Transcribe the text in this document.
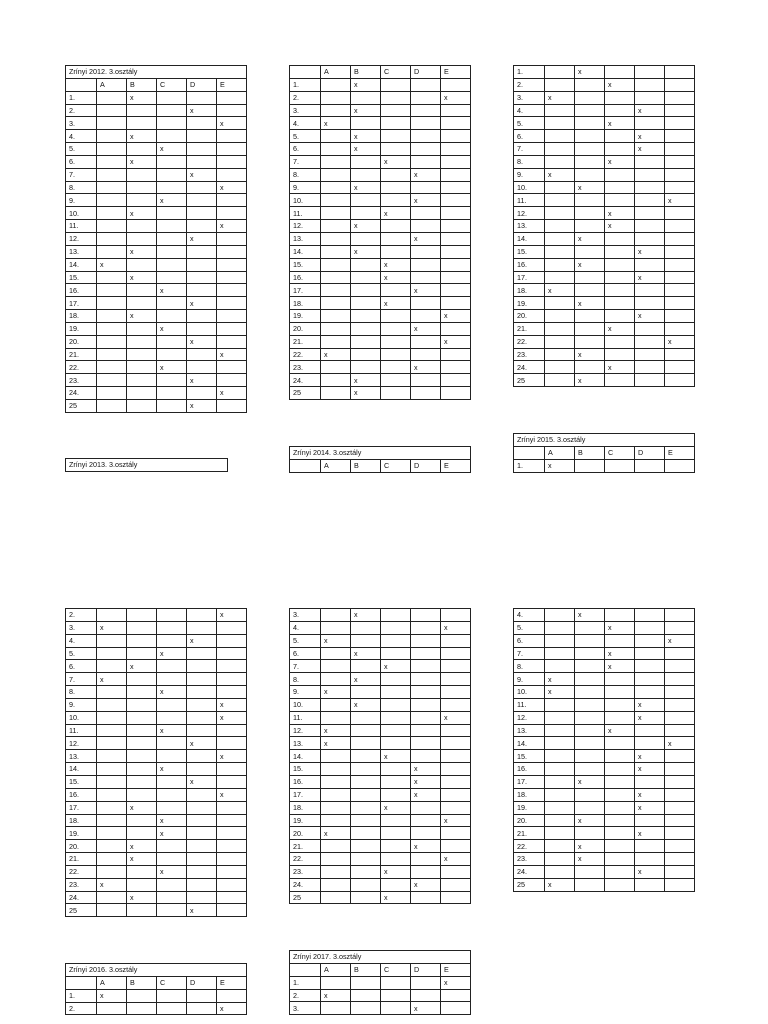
Zrínyi 2012. 3.osztály					
	A	B	C	D	E
1.		x			
2.				x	
3.					x
4.		x			
5.			x		
6.		x			
7.				x	
8.					x
9.			x		
10.		x			
11.					x
12.				x	
13.		x			
14.	x				
15.		x			
16.			x		
17.				x	
18.		x			
19.			x		
20.				x	
21.					x
22.			x		
23.				x	
24.					x
25				x	
	A	B	C	D	E
1.		x			
2.					x
3.		x			
4.	x				
5.		x			
6.		x			
7.			x		
8.				x	
9.		x			
10.				x	
11.			x		
12.		x			
13.				x	
14.		x			
15.			x		
16.			x		
17.				x	
18.			x		
19.					x
20.				x	
21.					x
22.	x				
23.				x	
24.		x			
25		x			
1.		x			
2.			x		
3.	x				
4.				x	
5.			x		
6.				x	
7.				x	
8.			x		
9.	x				
10.		x			
11.					x
12.			x		
13.			x		
14.		x			
15.				x	
16.		x			
17.				x	
18.	x				
19.		x			
20.				x	
21.			x		
22.					x
23.		x			
24.			x		
25		x			
Zrínyi 2013. 3.osztály
Zrínyi 2014. 3.osztály
	A	B	C	D	E
Zrínyi 2015. 3.osztály					
	A	B	C	D	E
1.	x				
2.					x
3.	x				
4.				x	
5.			x		
6.		x			
7.	x				
8.			x		
9.					x
10.					x
11.			x		
12.				x	
13.					x
14.			x		
15.				x	
16.					x
17.		x			
18.			x		
19.			x		
20.		x			
21.		x			
22.			x		
23.	x				
24.		x			
25				x	
3.		x			
4.					x
5.	x				
6.		x			
7.			x		
8.		x			
9.	x				
10.		x			
11.					x
12.	x				
13.	x				
14.			x		
15.				x	
16.				x	
17.				x	
18.			x		
19.					x
20.	x				
21.				x	
22.					x
23.			x		
24.				x	
25			x		
4.		x			
5.			x		
6.					x
7.			x		
8.			x		
9.	x				
10.	x				
11.				x	
12.				x	
13.			x		
14.					x
15.				x	
16.				x	
17.		x			
18.				x	
19.				x	
20.		x			
21.				x	
22.		x			
23.		x			
24.				x	
25	x				
Zrínyi 2016. 3.osztály					
	A	B	C	D	E
1.	x				
2.					x
Zrínyi 2017. 3.osztály					
	A	B	C	D	E
1.					x
2.	x				
3.				x	
